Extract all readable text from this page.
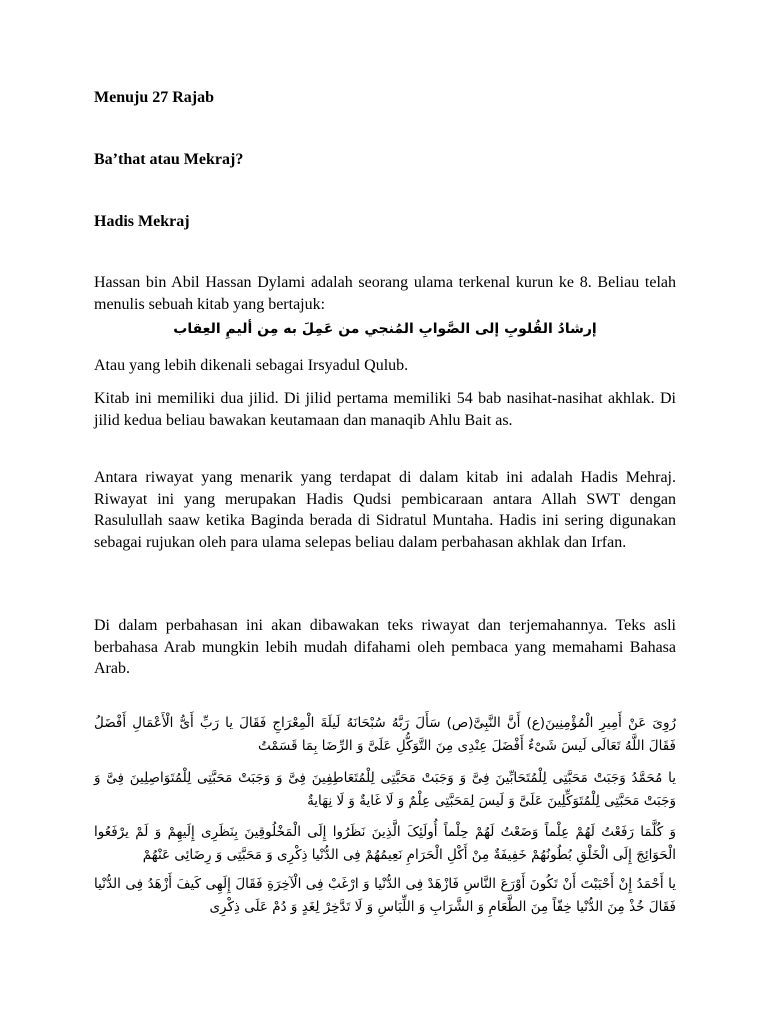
Menuju 27 Rajab
Ba’that atau Mekraj?
Hadis Mekraj
Hassan bin Abil Hassan Dylami adalah seorang ulama terkenal kurun ke 8. Beliau telah menulis sebuah kitab yang bertajuk:
إرشادُ القُلوبِ إلى الصَّوابِ المُنجي من عَمِلَ به مِن أليمِ العِقاب
Atau yang lebih dikenali sebagai Irsyadul Qulub.
Kitab ini memiliki dua jilid. Di jilid pertama memiliki 54 bab nasihat-nasihat akhlak. Di jilid kedua beliau bawakan keutamaan dan manaqib Ahlu Bait as.
Antara riwayat yang menarik yang terdapat di dalam kitab ini adalah Hadis Mehraj. Riwayat ini yang merupakan Hadis Qudsi pembicaraan antara Allah SWT dengan Rasulullah saaw ketika Baginda berada di Sidratul Muntaha. Hadis ini sering digunakan sebagai rujukan oleh para ulama selepas beliau dalam perbahasan akhlak dan Irfan.
Di dalam perbahasan ini akan dibawakan teks riwayat dan terjemahannya. Teks asli berbahasa Arab mungkin lebih mudah difahami oleh pembaca yang memahami Bahasa Arab.
رُوِیَ عَنْ أَمِیرِ الْمُؤْمِنِینَ(ع) أَنَّ النَّبِیَّ(ص) سَأَلَ رَبَّهُ سُبْحَانَهُ لَیلَةَ الْمِعْرَاجِ فَقَالَ یا رَبِّ أَیُّ الْأَعْمَالِ أَفْضَلُ فَقَالَ اللَّهُ تَعَالَى لَیسَ شَیْءٌ أَفْضَلَ عِنْدِی مِنَ التَّوَکُّلِ عَلَیَّ وَ الرِّضَا بِمَا قَسَمْتُ
یا مُحَمَّدُ وَجَبَتْ مَحَبَّتِی لِلْمُتَحَابِّینَ فِیَّ وَ وَجَبَتْ مَحَبَّتِی لِلْمُتَعَاطِفِینَ فِیَّ وَ وَجَبَتْ مَحَبَّتِی لِلْمُتَوَاصِلِینَ فِیَّ وَ وَجَبَتْ مَحَبَّتِی لِلْمُتَوَکِّلِینَ عَلَیَّ وَ لَیسَ لِمَحَبَّتِی عِلْمٌ وَ لَا غَایةٌ وَ لَا نِهَایةٌ
وَ کُلَّمَا رَفَعْتُ لَهُمْ عِلْماً وَضَعْتُ لَهُمْ حِلْماً أُولَئِکَ الَّذِینَ نَظَرُوا إِلَى الْمَخْلُوقِینَ بِنَظَرِی إِلَیهِمْ وَ لَمْ یرْفَعُوا الْحَوَائِجَ إِلَى الْخَلْقِ بُطُونُهُمْ خَفِیفَةٌ مِنْ أَکْلِ الْحَرَامِ نَعِیمُهُمْ فِی الدُّنْیا ذِکْرِی وَ مَحَبَّتِی وَ رِضَائِی عَنْهُمْ
یا أَحْمَدُ إِنْ أَحْبَبْتَ أَنْ تَکُونَ أَوْرَعَ النَّاسِ فَازْهَدْ فِی الدُّنْیا وَ ارْغَبْ فِی الْآخِرَةِ فَقَالَ إِلَهِی کَیفَ أَزْهَدُ فِی الدُّنْیا فَقَالَ خُذْ مِنَ الدُّنْیا خِفّاً مِنَ الطَّعَامِ وَ الشَّرَابِ وَ اللِّبَاسِ وَ لَا تَدَّخِرْ لِغَدٍ وَ دُمْ عَلَى ذِکْرِی
